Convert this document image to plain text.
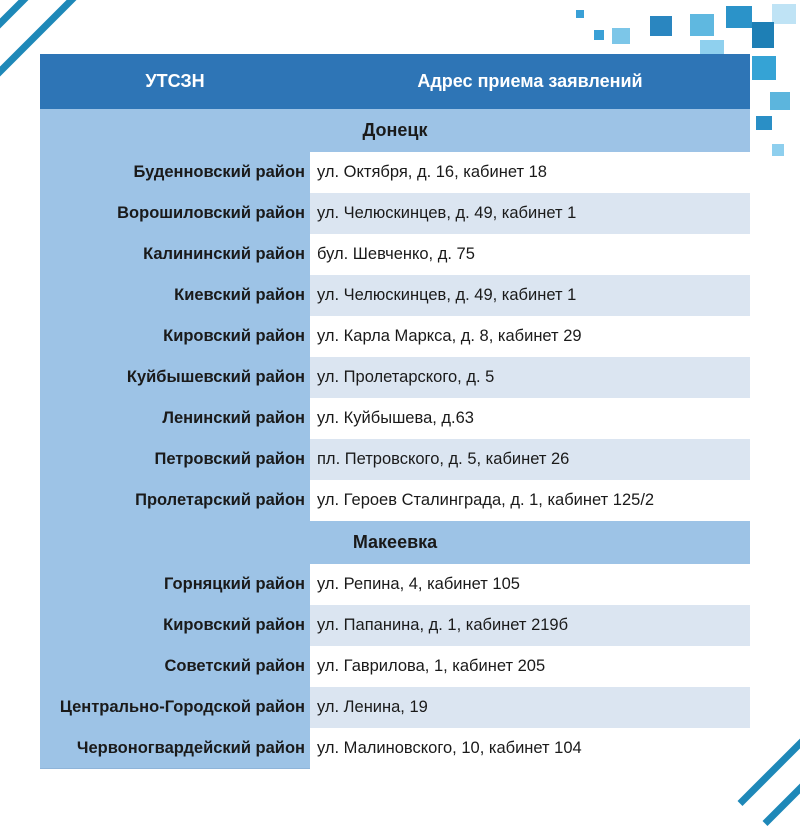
УТСЗН	Адрес приема заявлений
Донецк
Буденновский район ул. Октября, д. 16, кабинет 18
Ворошиловский район ул. Челюскинцев, д. 49, кабинет 1
Калининский район бул. Шевченко, д. 75
Киевский район ул. Челюскинцев, д. 49, кабинет 1
Кировский район ул. Карла Маркса, д. 8, кабинет 29
Куйбышевский район ул. Пролетарского, д. 5
Ленинский район ул. Куйбышева, д.63
Петровский район пл. Петровского, д. 5, кабинет 26
Пролетарский район ул. Героев Сталинграда, д. 1, кабинет 125/2
Макеевка
Горняцкий район ул. Репина, 4, кабинет 105
Кировский район ул. Папанина, д. 1, кабинет 219б
Советский район ул. Гаврилова, 1, кабинет 205
Центрально-Городской район ул. Ленина, 19
Червоногвардейский район ул. Малиновского, 10, кабинет 104
